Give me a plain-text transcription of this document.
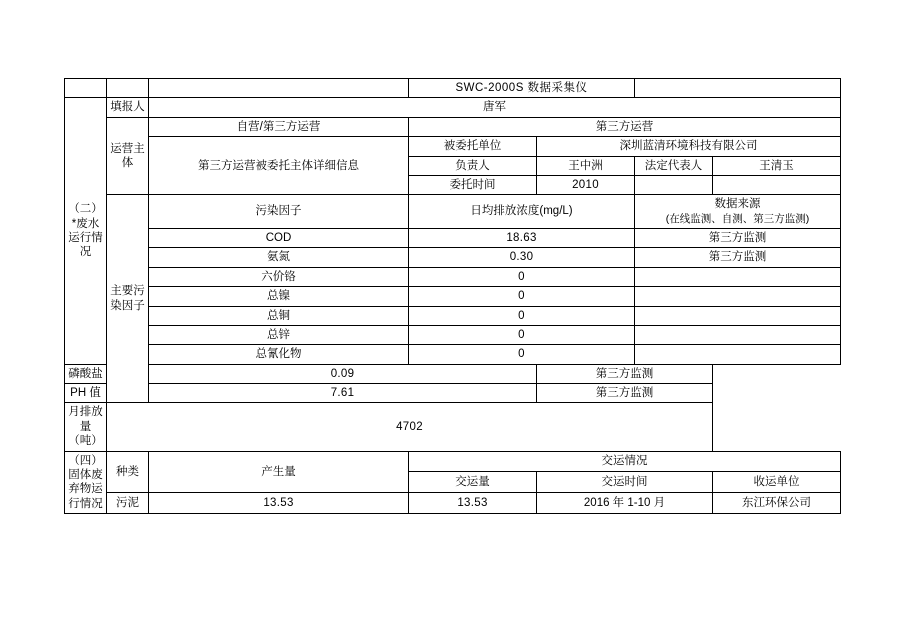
			SWC-2000S 数据采集仪			
（二）*废水运行情况	填报人	唐军				
	运营主体	自营/第三方运营	第三方运营			
		第三方运营被委托主体详细信息	被委托单位	深圳蓝清环境科技有限公司		
			负责人	王中洲	法定代表人	王清玉
			委托时间	2010		
	主要污染因子	污染因子	日均排放浓度(mg/L)		数据来源
(在线监测、自测、第三方监测)	
		COD	18.63		第三方监测	
		氨氮	0.30		第三方监测	
		六价铬	0			
		总镍	0			
		总铜	0			
		总锌	0			
		总氰化物	0			
磷酸盐		0.09		第三方监测		
PH 值		7.61		第三方监测		
月排放量（吨）	4702					
（四）固体废弃物运行情况	种类	产生量	交运情况			
			交运量	交运时间		收运单位
	污泥	13.53	13.53	2016 年 1-10 月		东江环保公司
